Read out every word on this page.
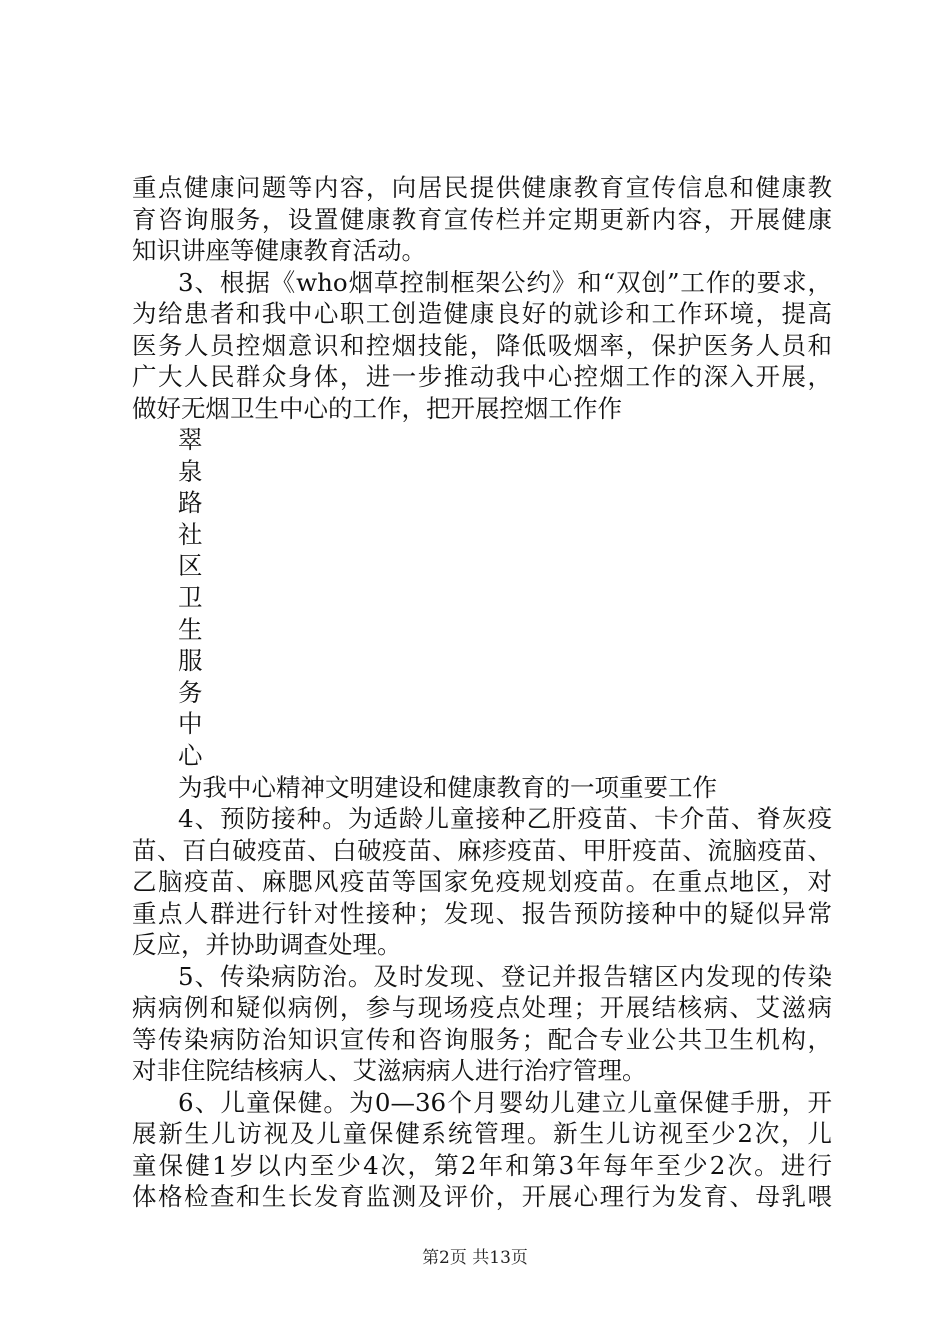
重点健康问题等内容，向居民提供健康教育宣传信息和健康教
育咨询服务，设置健康教育宣传栏并定期更新内容，开展健康
知识讲座等健康教育活动。
3、根据《who烟草控制框架公约》和“双创”工作的要求，
为给患者和我中心职工创造健康良好的就诊和工作环境，提高
医务人员控烟意识和控烟技能，降低吸烟率，保护医务人员和
广大人民群众身体，进一步推动我中心控烟工作的深入开展，
做好无烟卫生中心的工作，把开展控烟工作作
翠
泉
路
社
区
卫
生
服
务
中
心
为我中心精神文明建设和健康教育的一项重要工作
4、预防接种。为适龄儿童接种乙肝疫苗、卡介苗、脊灰疫
苗、百白破疫苗、白破疫苗、麻疹疫苗、甲肝疫苗、流脑疫苗、
乙脑疫苗、麻腮风疫苗等国家免疫规划疫苗。在重点地区，对
重点人群进行针对性接种；发现、报告预防接种中的疑似异常
反应，并协助调查处理。
5、传染病防治。及时发现、登记并报告辖区内发现的传染
病病例和疑似病例，参与现场疫点处理；开展结核病、艾滋病
等传染病防治知识宣传和咨询服务；配合专业公共卫生机构，
对非住院结核病人、艾滋病病人进行治疗管理。
6、儿童保健。为0—36个月婴幼儿建立儿童保健手册，开
展新生儿访视及儿童保健系统管理。新生儿访视至少2次，儿
童保健1岁以内至少4次，第2年和第3年每年至少2次。进行
体格检查和生长发育监测及评价，开展心理行为发育、母乳喂
第2页 共13页
